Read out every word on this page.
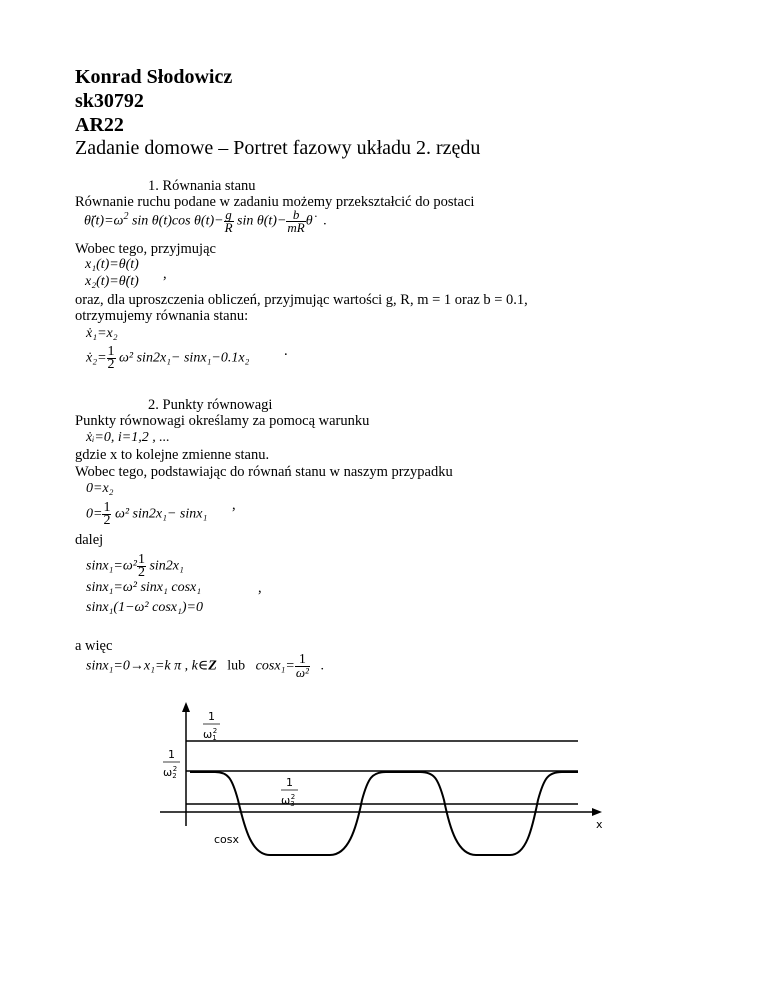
Konrad Słodowicz
sk30792
AR22
Zadanie domowe – Portret fazowy układu 2. rzędu
1. Równania stanu
Równanie ruchu podane w zadaniu możemy przekształcić do postaci
$\thetä(t)=\omega^2$ sin θ(t)cos $\theta(t)- \frac{g}{R}$ $\sin \theta(t)- \frac{b}{mR}$ θ̇ .
Wobec tego, przyjmując
x₁(t)=θ(t)
x₂(t)=θ̇(t) ,
oraz, dla uproszczenia obliczeń, przyjmując wartości g, R, m = 1 oraz b = 0.1,
otrzymujemy równania stanu:
ẋ₁=x₂
ẋ₂= $\frac{1}{2} \omega^2$ sin2x₁− sinx₁−0.1x₂ .
2. Punkty równowagi
Punkty równowagi określamy za pomocą warunku
ẋᵢ=0, i=1,2 , ...
gdzie x to kolejne zmienne stanu.
Wobec tego, podstawiając do równań stanu w naszym przypadku
0=x₂
$0= \frac{1}{2} \omega^2$ sin2x₁− sinx₁
,
dalej
$\sin x_1=\omega^2 \frac{1}{2} \sin 2x_1$
sinx₁=ω² sinx₁ cosx₁	,
sinx₁(1−ω² cosx₁)=0
a więc
sinx₁=0→x₁=k π , k∈Z lub $\cos x_1= \frac{1}{\text{ω²}}$ .
1
ω12
1
ω22
1
ω32
cosx
x
